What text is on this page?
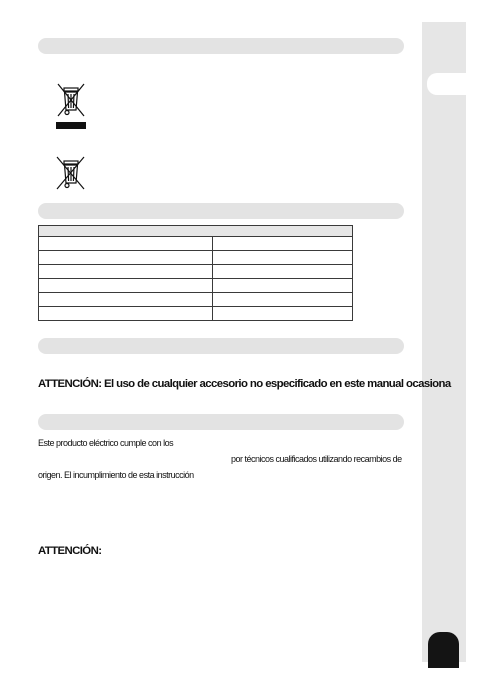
ATTENCIÓN: El uso de cualquier accesorio no especificado en este manual ocasiona
Este producto eléctrico cumple con los
por técnicos cualificados utilizando recambios de
origen. El incumplimiento de esta instrucción
ATTENCIÓN:
